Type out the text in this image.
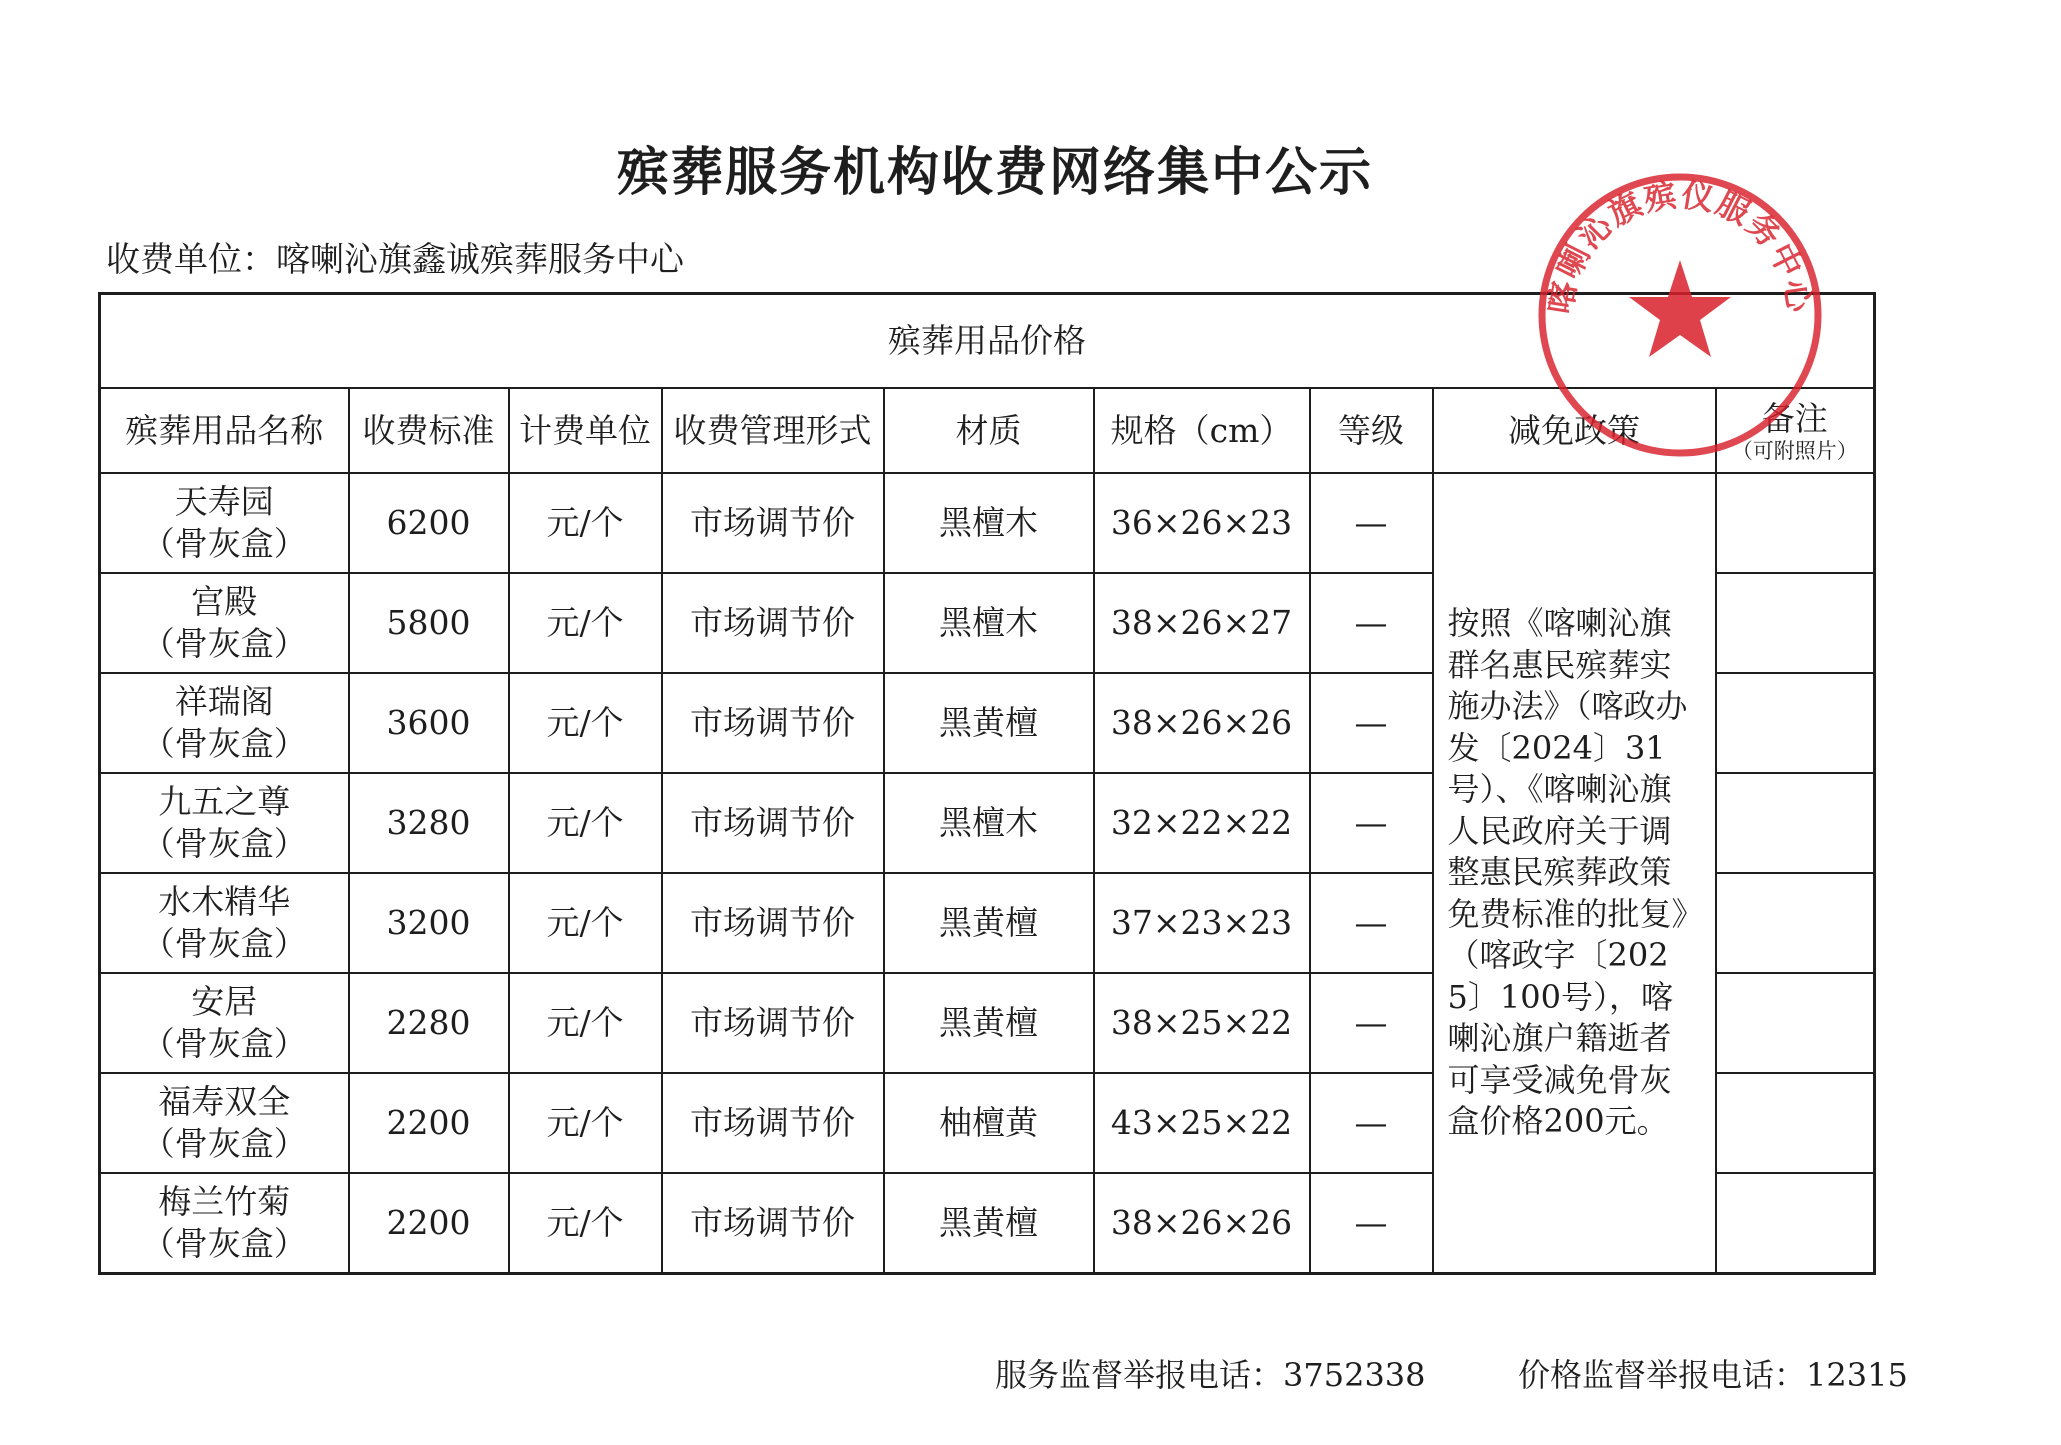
殡葬服务机构收费网络集中公示
收费单位：喀喇沁旗鑫诚殡葬服务中心
殡葬用品价格								
殡葬用品名称	收费标准	计费单位	收费管理形式	材质	规格（cm）	等级	减免政策	备注
（可附照片）

天寿园
（骨灰盒）	6200	元/个	市场调节价	黑檀木	36×26×23	—	按照《喀喇沁旗群名惠民殡葬实施办法》（喀政办发〔2024〕31号）、《喀喇沁旗人民政府关于调整惠民殡葬政策免费标准的批复》（喀政字〔2025〕100号），喀喇沁旗户籍逝者可享受减免骨灰盒价格200元。	

宫殿
（骨灰盒）	5800	元/个	市场调节价	黑檀木	38×26×27	—		

祥瑞阁
（骨灰盒）	3600	元/个	市场调节价	黑黄檀	38×26×26	—		

九五之尊
（骨灰盒）	3280	元/个	市场调节价	黑檀木	32×22×22	—		

水木精华
（骨灰盒）	3200	元/个	市场调节价	黑黄檀	37×23×23	—		

安居
（骨灰盒）	2280	元/个	市场调节价	黑黄檀	38×25×22	—		

福寿双全
（骨灰盒）	2200	元/个	市场调节价	柚檀黄	43×25×22	—		

梅兰竹菊
（骨灰盒）	2200	元/个	市场调节价	黑黄檀	38×26×26	—		
喀喇沁旗殡仪服务中心
服务监督举报电话：3752338	价格监督举报电话：12315
